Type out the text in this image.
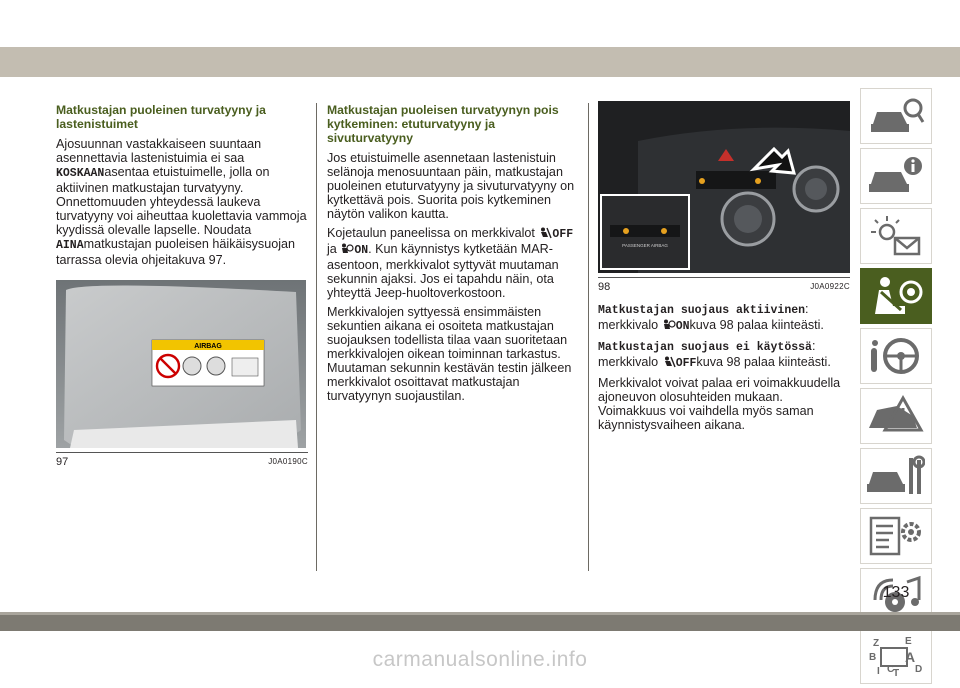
Matkustajan puoleinen turvatyyny ja lastenistuimet

Ajosuunnan vastakkaiseen suuntaan asennettavia lastenistuimia ei saa KOSKAANasentaa etuistuimelle, jolla on aktiivinen matkustajan turvatyyny. Onnettomuuden yhteydessä laukeva turvatyyny voi aiheuttaa kuolettavia vammoja kyydissä olevalle lapselle. Noudata AINAmatkustajan puoleisen häikäisysuojan tarrassa olevia ohjeitakuva 97.

AIRBAG
97	J0A0190C
Matkustajan puoleisen turvatyynyn pois kytkeminen: etuturvatyyny ja sivuturvatyyny

Jos etuistuimelle asennetaan lastenistuin selänoja menosuuntaan päin, matkustajan puoleinen etuturvatyyny ja sivuturvatyyny on kytkettävä pois. Suorita pois kytkeminen näytön valikon kautta.

Kojetaulun paneelissa on merkkivalot OFF ja ON. Kun käynnistys kytketään MAR-asentoon, merkkivalot syttyvät muutaman sekunnin ajaksi. Jos ei tapahdu näin, ota yhteyttä Jeep-huoltoverkostoon.

Merkkivalojen syttyessä ensimmäisten sekuntien aikana ei osoiteta matkustajan suojauksen todellista tilaa vaan suoritetaan merkkivalojen oikean toiminnan tarkastus. Muutaman sekunnin kestävän testin jälkeen merkkivalot osoittavat matkustajan turvatyynyn suojaustilan.

PASSENGER AIRBAG
98	J0A0922C

Matkustajan suojaus aktiivinen: merkkivalo ONkuva 98 palaa kiinteästi.

Matkustajan suojaus ei käytössä: merkkivalo OFFkuva 98 palaa kiinteästi.

Merkkivalot voivat palaa eri voimakkuudella ajoneuvon olosuhteiden mukaan. Voimakkuus voi vaihdella myös saman käynnistysvaiheen aikana.

Z	E
B A
I C
T D
133
carmanualsonline.info
